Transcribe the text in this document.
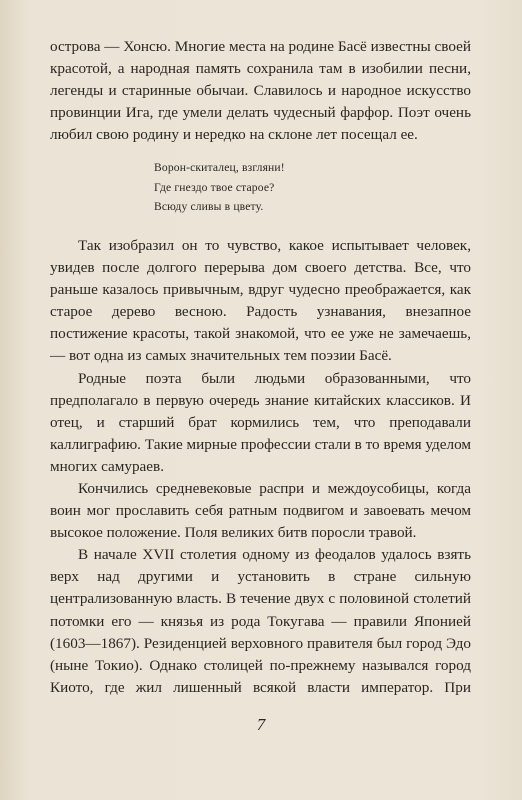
острова — Хонсю. Многие места на родине Басё известны своей красотой, а народная память сохранила там в изобилии песни, легенды и старинные обычаи. Славилось и народное искусство провинции Ига, где умели делать чудесный фарфор. Поэт очень любил свою родину и нередко на склоне лет посещал ее.

Ворон-скиталец, взгляни!
Где гнездо твое старое?
Всюду сливы в цвету.

Так изобразил он то чувство, какое испытывает человек, увидев после долгого перерыва дом своего детства. Все, что раньше казалось привычным, вдруг чудесно преображается, как старое дерево весною. Радость узнавания, внезапное постижение красоты, такой знакомой, что ее уже не замечаешь,— вот одна из самых значительных тем поэзии Басё.

Родные поэта были людьми образованными, что предполагало в первую очередь знание китайских классиков. И отец, и старший брат кормились тем, что преподавали каллиграфию. Такие мирные профессии стали в то время уделом многих самураев.

Кончились средневековые распри и междоусобицы, когда воин мог прославить себя ратным подвигом и завоевать мечом высокое положение. Поля великих битв поросли травой.

В начале XVII столетия одному из феодалов удалось взять верх над другими и установить в стране сильную централизованную власть. В течение двух с половиной столетий потомки его — князья из рода Токугава — правили Японией (1603—1867). Резиденцией верховного правителя был город Эдо (ныне Токио). Однако столицей по-прежнему назывался город Киото, где жил лишенный всякой власти император. При

7
